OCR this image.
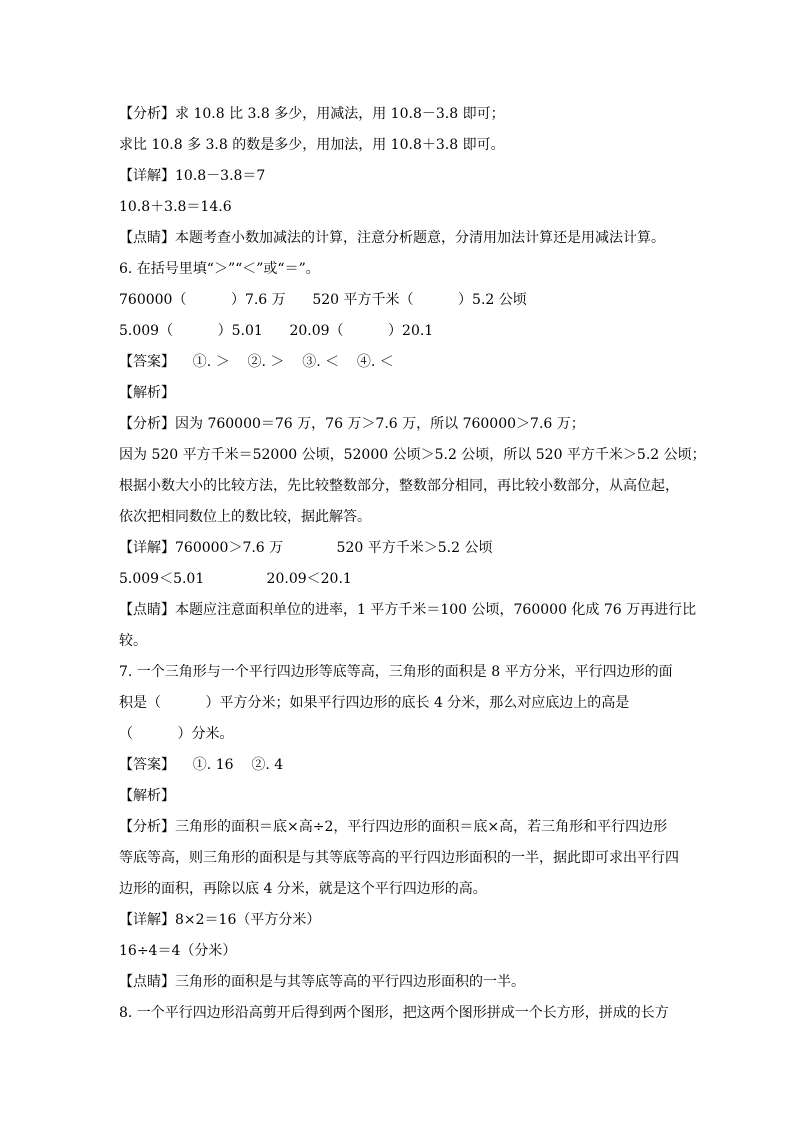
【分析】求 10.8 比 3.8 多少，用减法，用 10.8－3.8 即可；

求比 10.8 多 3.8 的数是多少，用加法，用 10.8＋3.8 即可。

【详解】10.8－3.8＝7

10.8＋3.8＝14.6

【点睛】本题考查小数加减法的计算，注意分析题意，分清用加法计算还是用减法计算。

6. 在括号里填“＞”“＜”或“＝”。

760000（          ）7.6 万      520 平方千米（          ）5.2 公顷

5.009（          ）5.01      20.09（          ）20.1

【答案】    ①. ＞    ②. ＞    ③. ＜    ④. ＜

【解析】

【分析】因为 760000＝76 万，76 万＞7.6 万，所以 760000＞7.6 万；

因为 520 平方千米＝52000 公顷，52000 公顷＞5.2 公顷，所以 520 平方千米＞5.2 公顷；

根据小数大小的比较方法，先比较整数部分，整数部分相同，再比较小数部分，从高位起，

依次把相同数位上的数比较，据此解答。

【详解】760000＞7.6 万            520 平方千米＞5.2 公顷

5.009＜5.01              20.09＜20.1

【点睛】本题应注意面积单位的进率，1 平方千米＝100 公顷，760000 化成 76 万再进行比

较。

7. 一个三角形与一个平行四边形等底等高，三角形的面积是 8 平方分米，平行四边形的面

积是（          ）平方分米；如果平行四边形的底长 4 分米，那么对应底边上的高是

（          ）分米。

【答案】    ①. 16    ②. 4

【解析】

【分析】三角形的面积＝底×高÷2，平行四边形的面积＝底×高，若三角形和平行四边形

等底等高，则三角形的面积是与其等底等高的平行四边形面积的一半，据此即可求出平行四

边形的面积，再除以底 4 分米，就是这个平行四边形的高。

【详解】8×2＝16（平方分米）

16÷4＝4（分米）

【点睛】三角形的面积是与其等底等高的平行四边形面积的一半。

8. 一个平行四边形沿高剪开后得到两个图形，把这两个图形拼成一个长方形，拼成的长方
